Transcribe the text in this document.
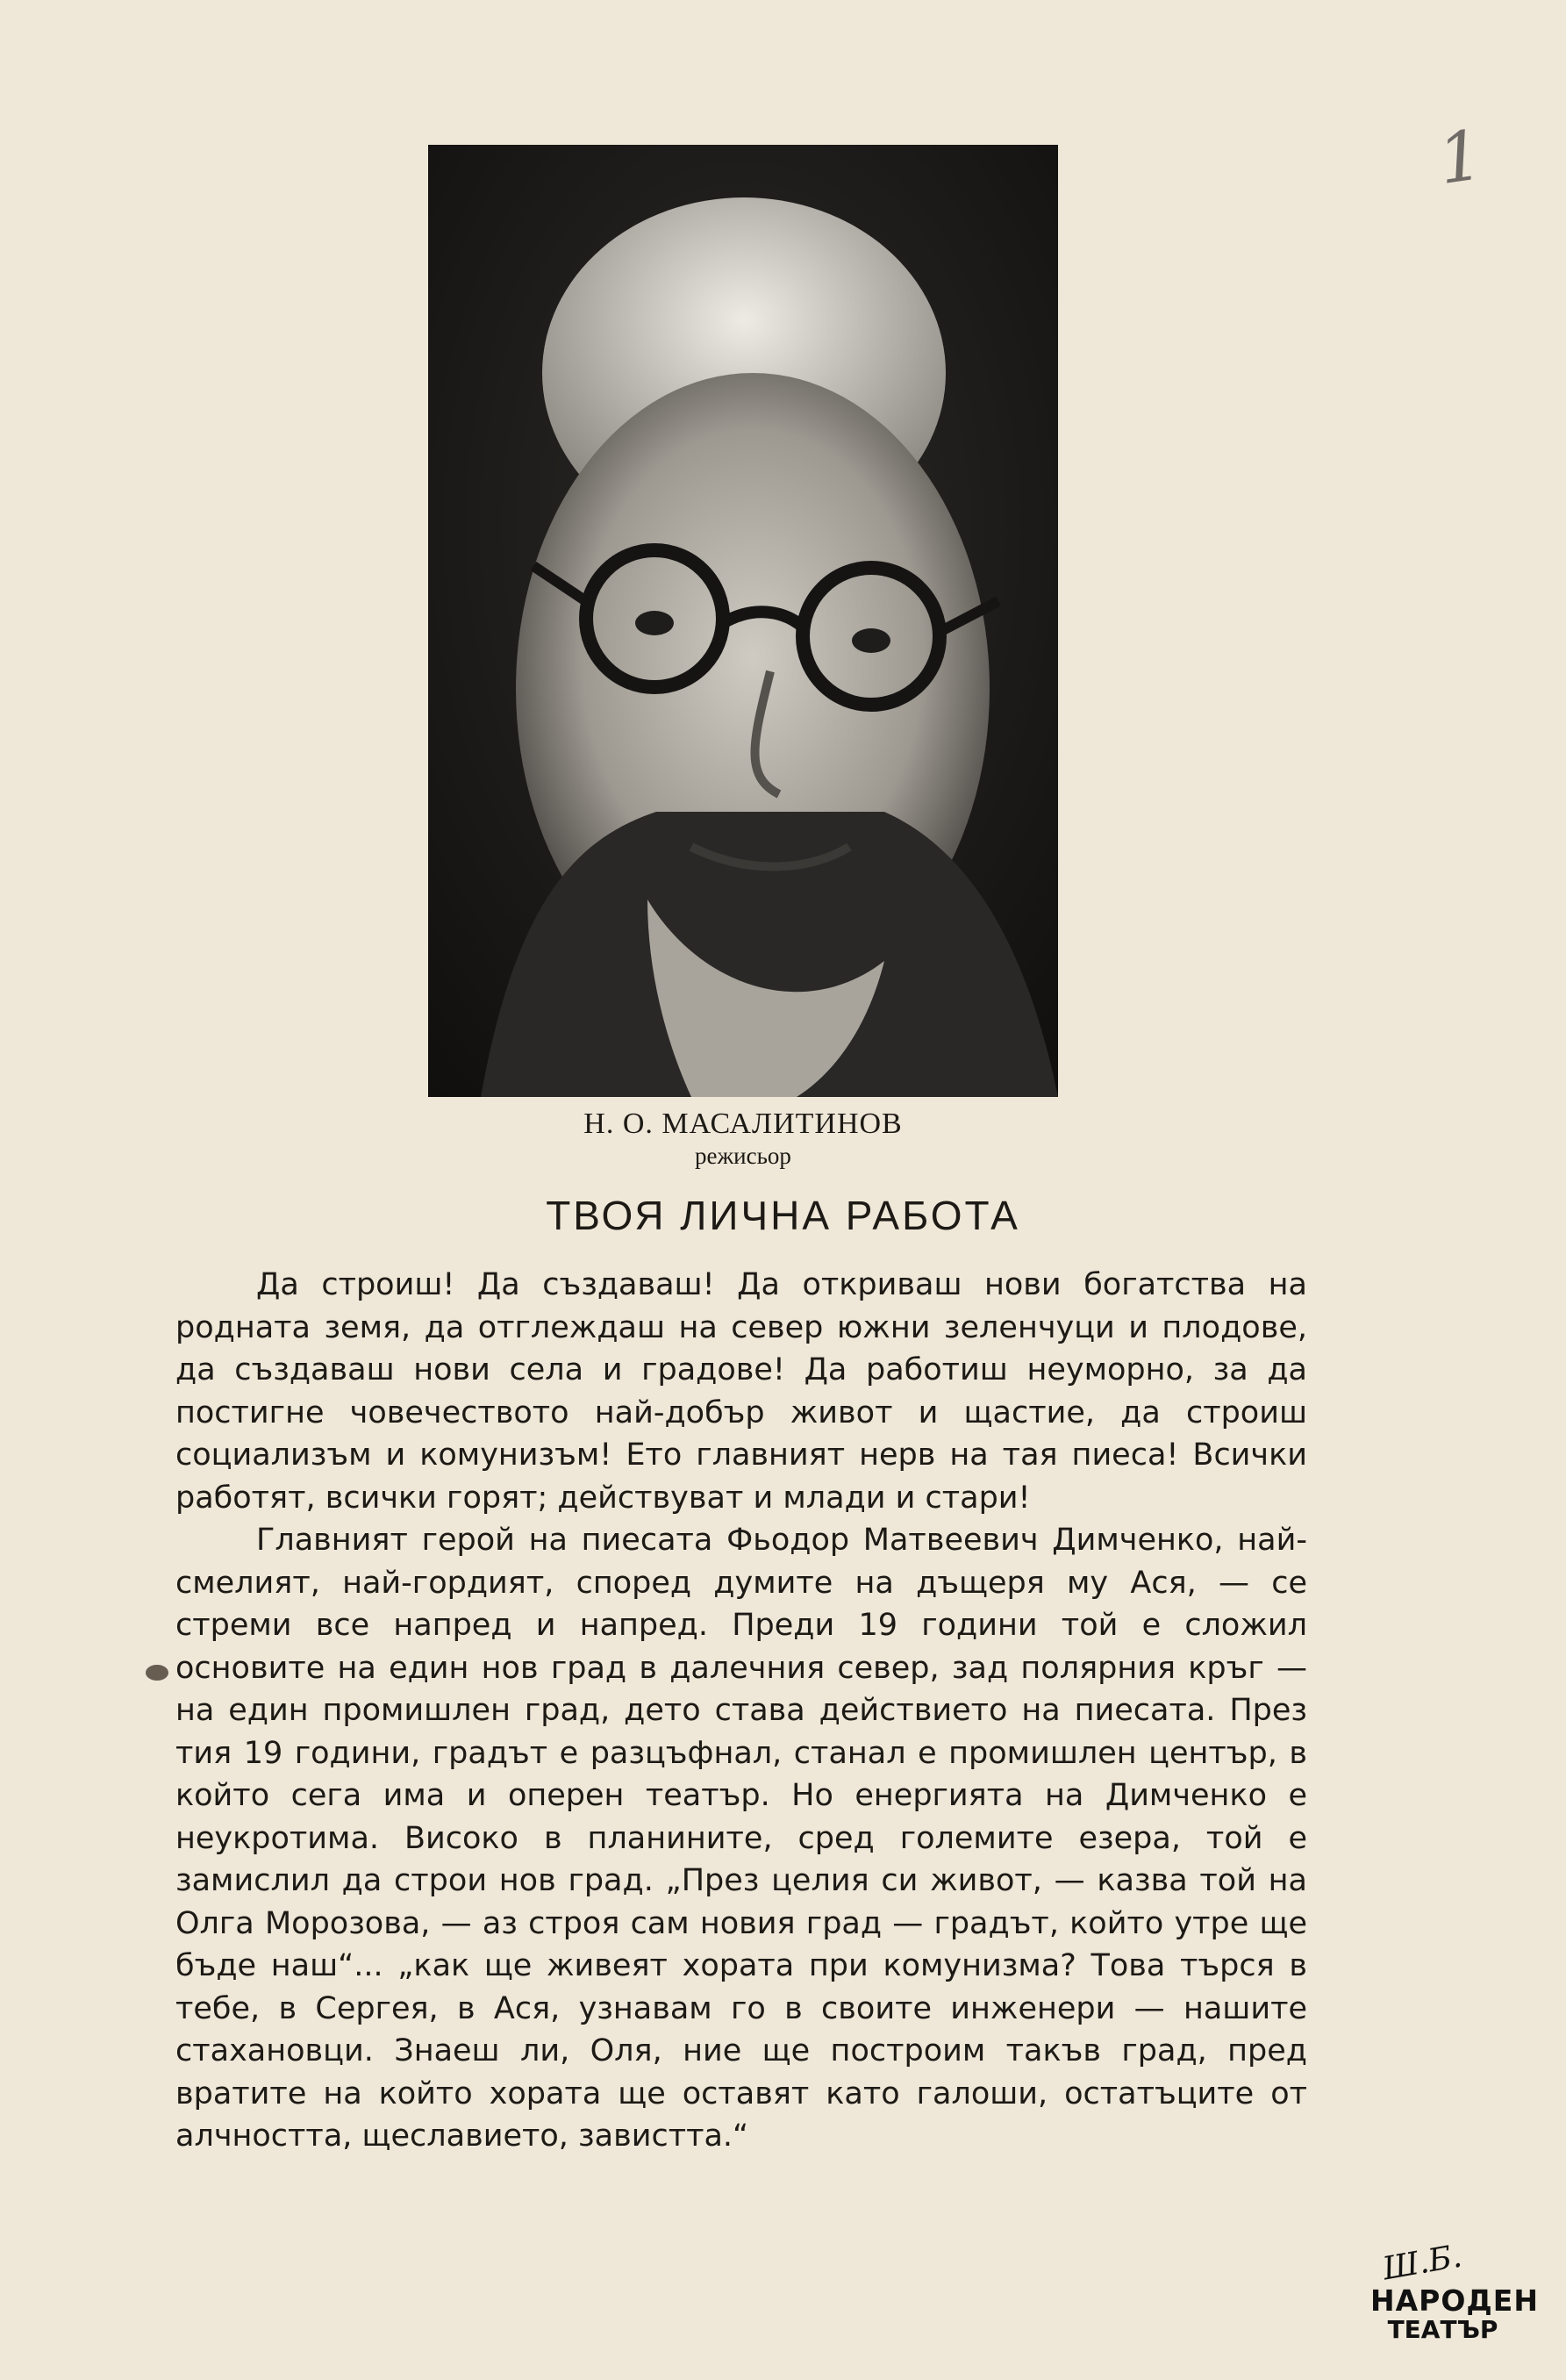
1
Н. О. МАСАЛИТИНОВ
режисьор
ТВОЯ ЛИЧНА РАБОТА

Да строиш! Да създаваш! Да откриваш нови богатства на родната земя, да отглеждаш на север южни зеленчуци и плодове, да създаваш нови села и градове! Да работиш неуморно, за да постигне човечеството най-добър живот и щастие, да строиш социализъм и комунизъм! Ето главният нерв на тая пиеса! Всички работят, всички горят; действуват и млади и стари!

Главният герой на пиесата Фьодор Матвеевич Димченко, най-смелият, най-гордият, според думите на дъщеря му Ася, — се стреми все напред и напред. Преди 19 години той е сложил основите на един нов град в далечния север, зад полярния кръг — на един промишлен град, дето става действието на пиесата. През тия 19 години, градът е разцъфнал, станал е промишлен център, в който сега има и оперен театър. Но енергията на Димченко е неукротима. Високо в планините, сред големите езера, той е замислил да строи нов град. „През целия си живот, — казва той на Олга Морозова, — аз строя сам новия град — градът, който утре ще бъде наш“... „как ще живеят хората при комунизма? Това търся в тебе, в Сергея, в Ася, узнавам го в своите инженери — нашите стахановци. Знаеш ли, Оля, ние ще построим такъв град, пред вратите на който хората ще оставят като галоши, остатъците от алчността, щеславието, завистта.“

Ш.Б.
НАРОДЕН
ТЕАТЪР
